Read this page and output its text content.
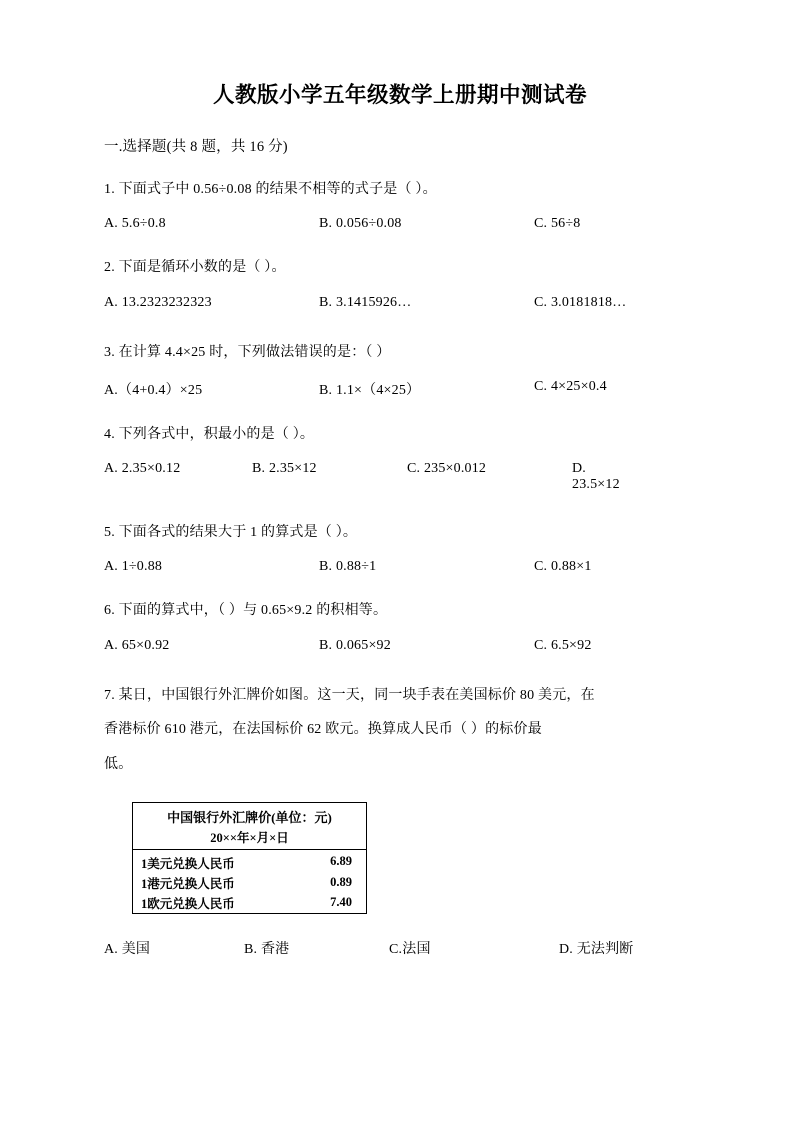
人教版小学五年级数学上册期中测试卷
一.选择题(共 8 题，共 16 分)
1. 下面式子中 0.56÷0.08 的结果不相等的式子是（ ）。
A. 5.6÷0.8	B. 0.056÷0.08	C. 56÷8
2. 下面是循环小数的是（ ）。
A. 13.2323232323	B. 3.1415926…	C. 3.0181818…
3. 在计算 4.4×25 时，下列做法错误的是：（ ）
A.（4+0.4）×25	B. 1.1×（4×25）	C. 4×25×0.4
4. 下列各式中，积最小的是（ ）。
A. 2.35×0.12	B. 2.35×12	C. 235×0.012	D. 23.5×12
5. 下面各式的结果大于 1 的算式是（ ）。
A. 1÷0.88	B. 0.88÷1	C. 0.88×1
6. 下面的算式中，（ ）与 0.65×9.2 的积相等。
A. 65×0.92	B. 0.065×92	C. 6.5×92
7. 某日，中国银行外汇牌价如图。这一天，同一块手表在美国标价 80 美元，在
香港标价 610 港元，在法国标价 62 欧元。换算成人民币（ ）的标价最
低。
中国银行外汇牌价(单位：元)	
20××年×月×日	
1美元兑换人民币	6.89
1港元兑换人民币	0.89
1欧元兑换人民币	7.40
A. 美国	B. 香港	C.法国	D. 无法判断
